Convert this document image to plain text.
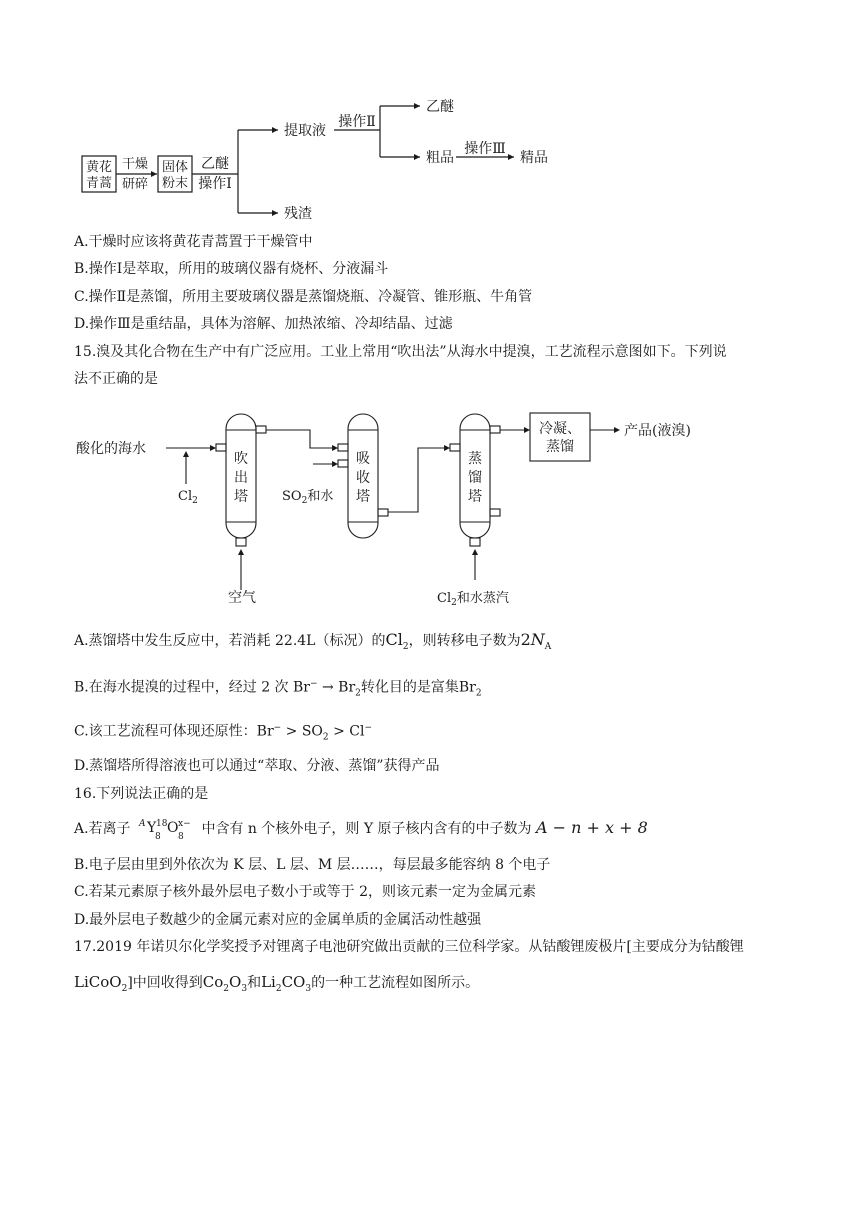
黄花
青蒿
干燥
研碎
固体
粉末
乙醚
操作Ⅰ
提取液
操作Ⅱ
乙醚
粗品
操作Ⅲ
精品
残渣
A.干燥时应该将黄花青蒿置于干燥管中
B.操作Ⅰ是萃取，所用的玻璃仪器有烧杯、分液漏斗
C.操作Ⅱ是蒸馏，所用主要玻璃仪器是蒸馏烧瓶、冷凝管、锥形瓶、牛角管
D.操作Ⅲ是重结晶，具体为溶解、加热浓缩、冷却结晶、过滤
15.溴及其化合物在生产中有广泛应用。工业上常用“吹出法”从海水中提溴，工艺流程示意图如下。下列说
法不正确的是
酸化的海水
$Cl_2$
吹
出
塔
空气
$SO_2$和水
吸
收
塔
蒸
馏
塔
$Cl_2$和水蒸汽
冷凝、
蒸馏
产品(液溴)
A.蒸馏塔中发生反应中，若消耗 22.4L（标况）的$Cl_2$，则转移电子数为$2N_A$
B.在海水提溴的过程中，经过 2 次 $Br^- \to Br_2$转化目的是富集$Br_2$
C.该工艺流程可体现还原性：$Br^- > SO_2 > Cl^-$
D.蒸馏塔所得溶液也可以通过“萃取、分液、蒸馏”获得产品
16.下列说法正确的是
A.若离子 A Y
8
18 O x−
8 中含有 n 个核外电子，则 Y 原子核内含有的中子数为 A − n + x + 8
B.电子层由里到外依次为 K 层、L 层、M 层……，每层最多能容纳 8 个电子
C.若某元素原子核外最外层电子数小于或等于 2，则该元素一定为金属元素
D.最外层电子数越少的金属元素对应的金属单质的金属活动性越强
17.2019 年诺贝尔化学奖授予对锂离子电池研究做出贡献的三位科学家。从钴酸锂废极片[主要成分为钴酸锂
LiCoO$_2$]中回收得到$Co_2O_3$和$Li_2CO_3$的一种工艺流程如图所示。
